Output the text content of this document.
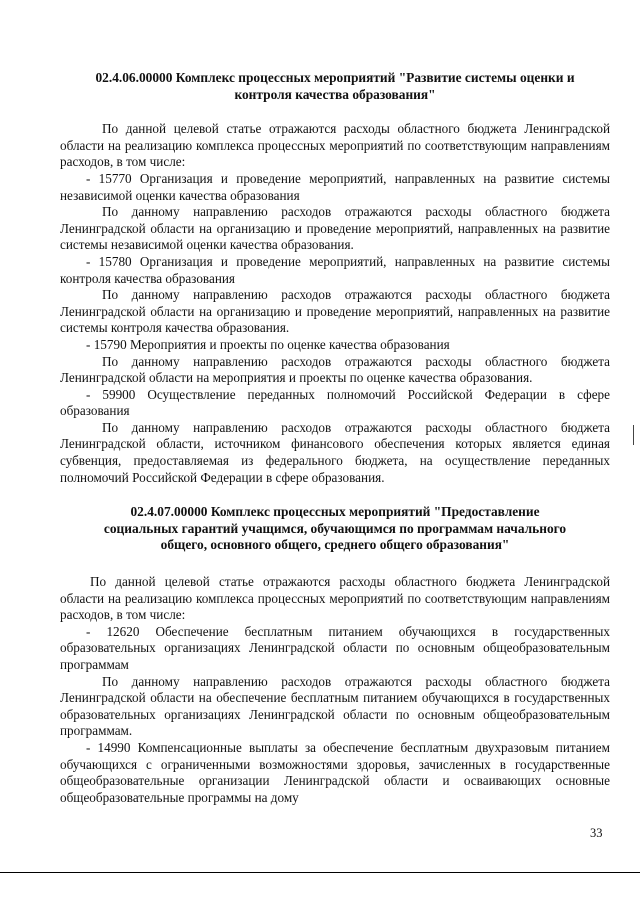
02.4.06.00000 Комплекс процессных мероприятий "Развитие системы оценки и
контроля качества образования"

По данной целевой статье отражаются расходы областного бюджета Ленинградской области на реализацию комплекса процессных мероприятий по соответствующим направлениям расходов, в том числе:

- 15770 Организация и проведение мероприятий, направленных на развитие системы независимой оценки качества образования

По данному направлению расходов отражаются расходы областного бюджета Ленинградской области на организацию и проведение мероприятий, направленных на развитие системы независимой оценки качества образования.

- 15780 Организация и проведение мероприятий, направленных на развитие системы контроля качества образования

По данному направлению расходов отражаются расходы областного бюджета Ленинградской области на организацию и проведение мероприятий, направленных на развитие системы контроля качества образования.

- 15790 Мероприятия и проекты по оценке качества образования

По данному направлению расходов отражаются расходы областного бюджета Ленинградской области на мероприятия и проекты по оценке качества образования.

- 59900 Осуществление переданных полномочий Российской Федерации в сфере образования

По данному направлению расходов отражаются расходы областного бюджета Ленинградской области, источником финансового обеспечения которых является единая субвенция, предоставляемая из федерального бюджета, на осуществление переданных полномочий Российской Федерации в сфере образования.

02.4.07.00000 Комплекс процессных мероприятий "Предоставление
социальных гарантий учащимся, обучающимся по программам начального
общего, основного общего, среднего общего образования"

По данной целевой статье отражаются расходы областного бюджета Ленинградской области на реализацию комплекса процессных мероприятий по соответствующим направлениям расходов, в том числе:

- 12620 Обеспечение бесплатным питанием обучающихся в государственных образовательных организациях Ленинградской области по основным общеобразовательным программам

По данному направлению расходов отражаются расходы областного бюджета Ленинградской области на обеспечение бесплатным питанием обучающихся в государственных образовательных организациях Ленинградской области по основным общеобразовательным программам.

- 14990 Компенсационные выплаты за обеспечение бесплатным двухразовым питанием обучающихся с ограниченными возможностями здоровья, зачисленных в государственные общеобразовательные организации Ленинградской области и осваивающих основные общеобразовательные программы на дому

33
